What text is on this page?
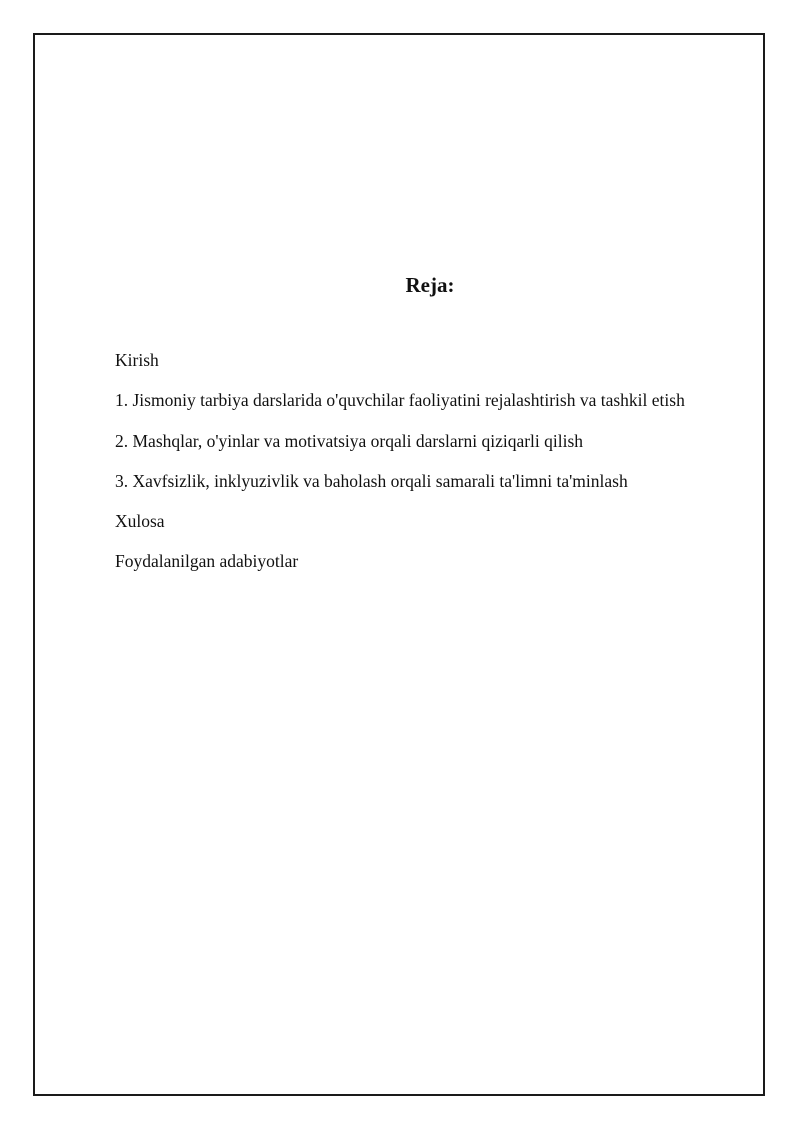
Reja:
Kirish
1. Jismoniy tarbiya darslarida o'quvchilar faoliyatini rejalashtirish va tashkil etish
2. Mashqlar, o'yinlar va motivatsiya orqali darslarni qiziqarli qilish
3. Xavfsizlik, inklyuzivlik va baholash orqali samarali ta'limni ta'minlash
Xulosa
Foydalanilgan adabiyotlar
